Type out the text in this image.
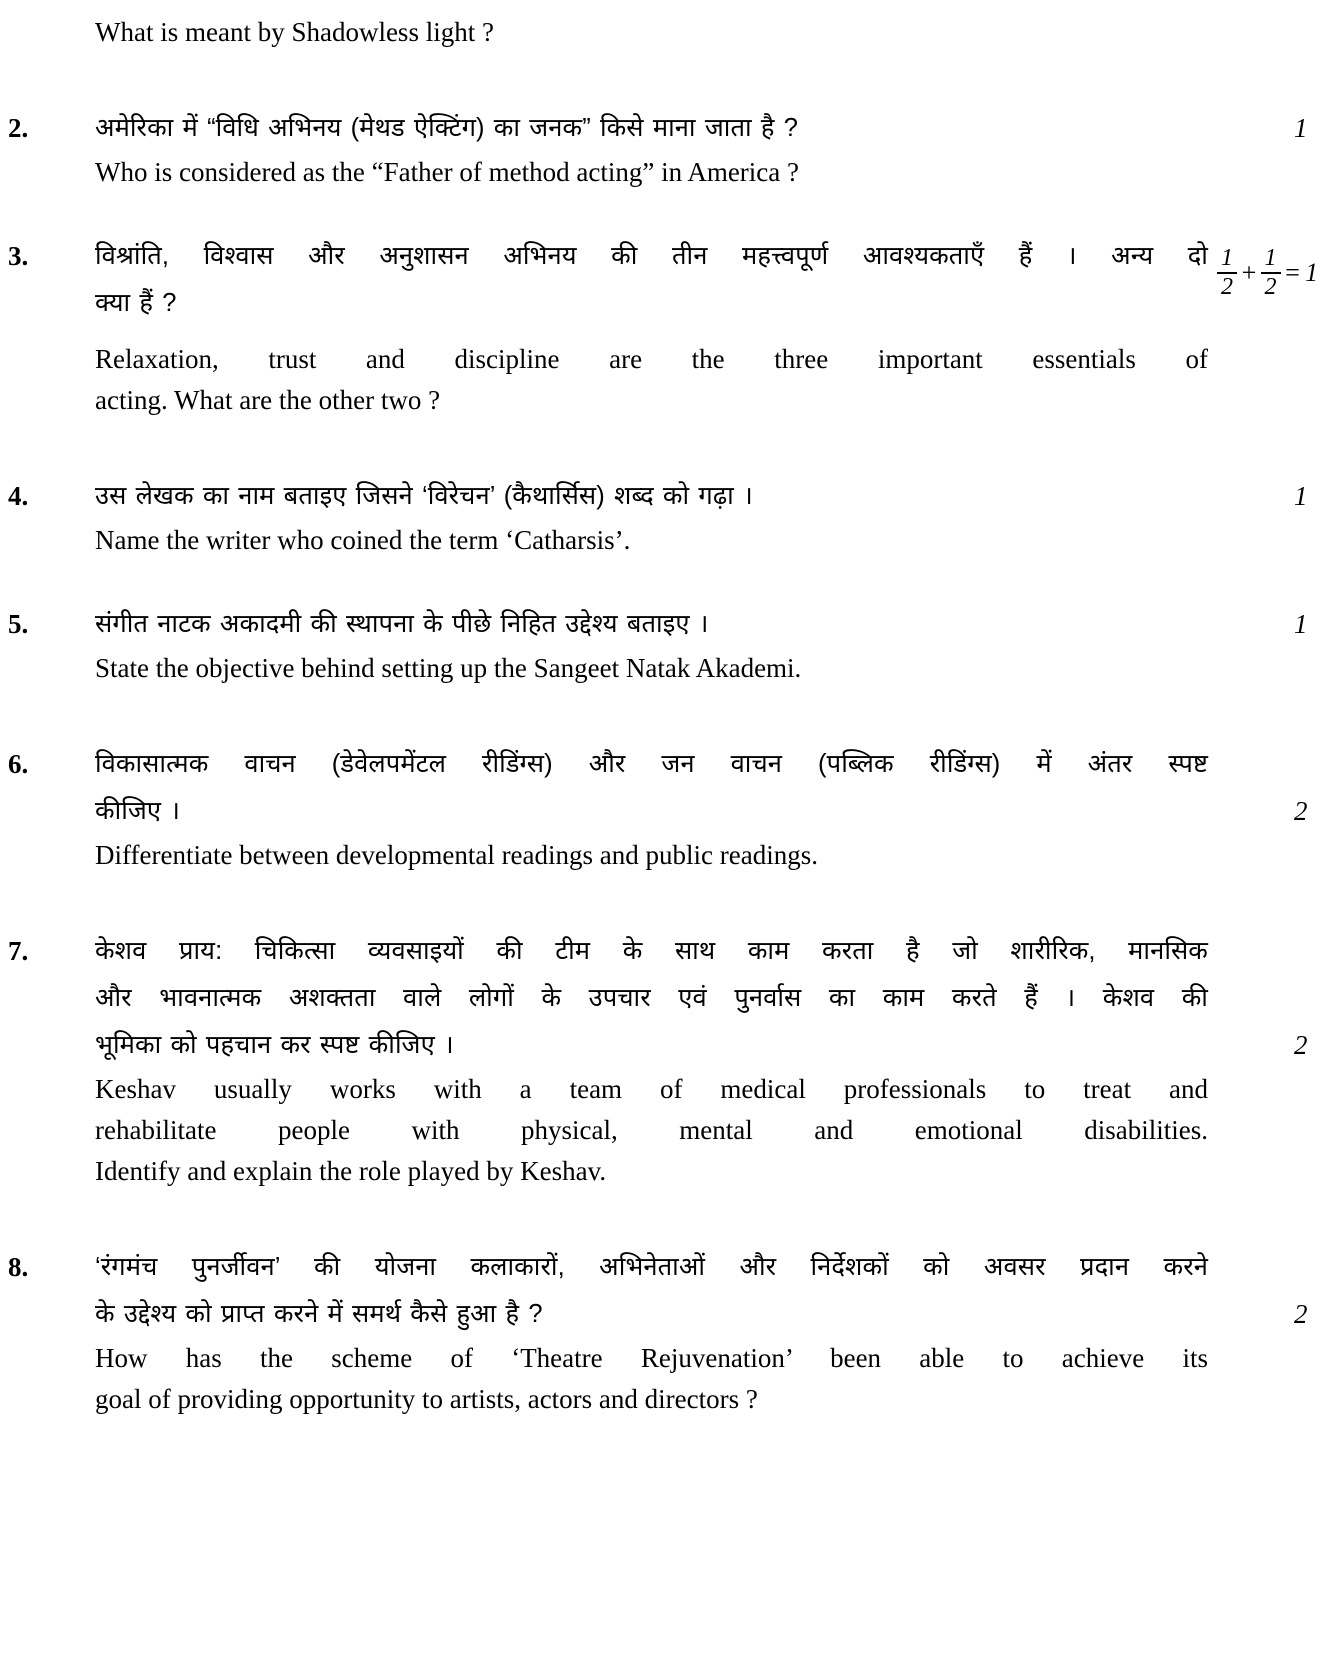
What is meant by Shadowless light ?
2.	अमेरिका में “विधि अभिनय (मेथड ऐक्टिंग) का जनक” किसे माना जाता है ?
Who is considered as the “Father of method acting” in America ?
1
3.	विश्रांति, विश्वास और अनुशासन अभिनय की तीन महत्त्वपूर्ण आवश्यकताएँ हैं । अन्य दो
क्या हैं ?
Relaxation, trust and discipline are the three important essentials of
acting. What are the other two ?
$\frac{1}{2} + \frac{1}{2} = 1$
4.	उस लेखक का नाम बताइए जिसने ‘विरेचन’ (कैथार्सिस) शब्द को गढ़ा ।
Name the writer who coined the term ‘Catharsis’.
1
5.	संगीत नाटक अकादमी की स्थापना के पीछे निहित उद्देश्य बताइए ।
State the objective behind setting up the Sangeet Natak Akademi.
1
6.	विकासात्मक वाचन (डेवेलपमेंटल रीडिंग्स) और जन वाचन (पब्लिक रीडिंग्स) में अंतर स्पष्ट
कीजिए ।
Differentiate between developmental readings and public readings.
2
7.	केशव प्राय: चिकित्सा व्यवसाइयों की टीम के साथ काम करता है जो शारीरिक, मानसिक
और भावनात्मक अशक्तता वाले लोगों के उपचार एवं पुनर्वास का काम करते हैं । केशव की
भूमिका को पहचान कर स्पष्ट कीजिए ।
Keshav usually works with a team of medical professionals to treat and
rehabilitate people with physical, mental and emotional disabilities.
Identify and explain the role played by Keshav.
2
8.	‘रंगमंच पुनर्जीवन’ की योजना कलाकारों, अभिनेताओं और निर्देशकों को अवसर प्रदान करने
के उद्देश्य को प्राप्त करने में समर्थ कैसे हुआ है ?
How has the scheme of ‘Theatre Rejuvenation’ been able to achieve its
goal of providing opportunity to artists, actors and directors ?
2
